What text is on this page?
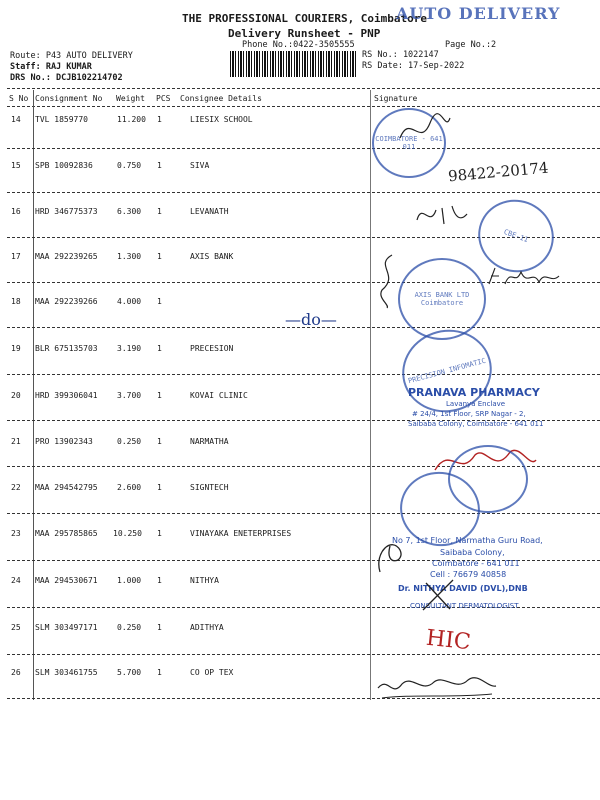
THE PROFESSIONAL COURIERS, Coimbatore
AUTO DELIVERY
Delivery Runsheet - PNP
Phone No.:0422-3505555	Page No.:2
Route: P43 AUTO DELIVERY
Staff: RAJ KUMAR
DRS No.: DCJB102214702
RS No.: 1022147
RS Date: 17-Sep-2022
S No Consignment No Weight PCS Consignee Details	Signature
14 TVL 1859770	11.200 1	LIESIX SCHOOL
15 SPB 10092836	0.750 1	SIVA
16 HRD 346775373 6.300 1	LEVANATH
17 MAA 292239265 1.300 1	AXIS BANK
18 MAA 292239266 4.000 1
19 BLR 675135703 3.190 1	PRECESION
20 HRD 399306041 3.700 1	KOVAI CLINIC
21 PRO 13902343	0.250 1	NARMATHA
22 MAA 294542795 2.600 1	SIGNTECH
23 MAA 295785865 10.250 1	VINAYAKA ENETERPRISES
24 MAA 294530671 1.000 1	NITHYA
25 SLM 303497171 0.250 1	ADITHYA
26 SLM 303461755 5.700 1	CO OP TEX
COIMBATORE - 641 011
98422-20174
CBE-11
AXIS BANK LTD Coimbatore
—do—
PRECISION INFOMATIC
PRANAVA PHARMACY
Lavanya Enclave
# 24/4, 1st Floor, SRP Nagar - 2,
Saibaba Colony, Coimbatore - 641 011
No 7, 1st Floor, Narmatha Guru Road,
Saibaba Colony,
Coimbatore - 641 011
Cell : 76679 40858
Dr. NITHYA DAVID (DVL),DNB
CONSULTANT DERMATOLOGIST
HIC
